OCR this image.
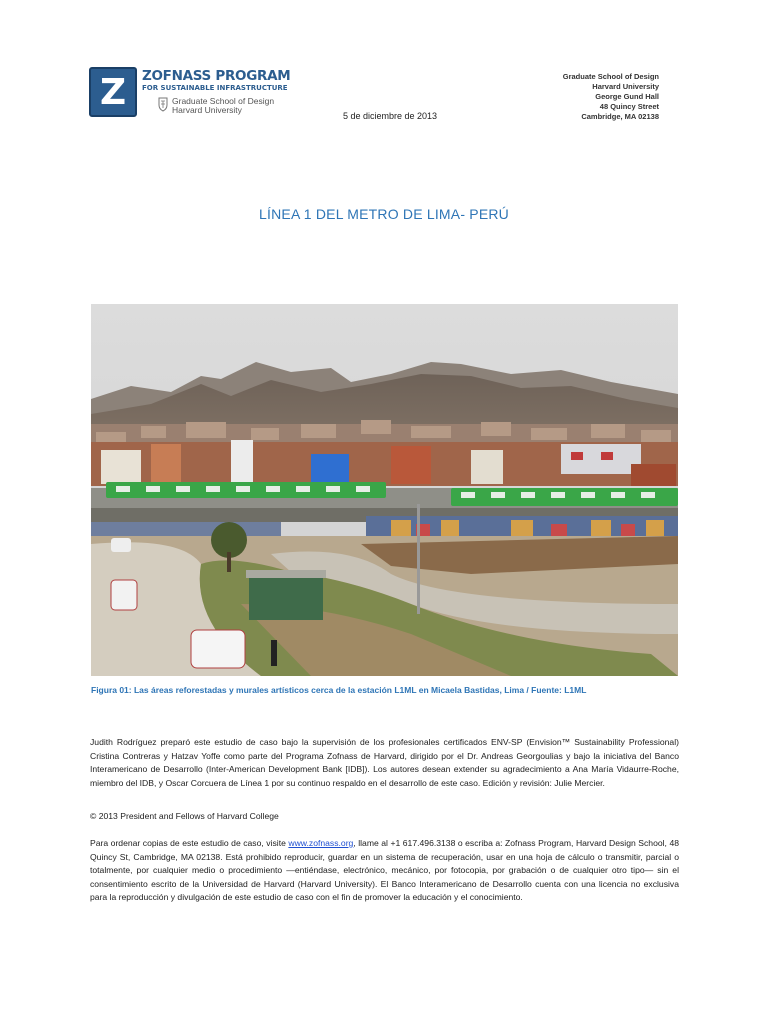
Z	ZOFNASS PROGRAM
FOR SUSTAINABLE INFRASTRUCTURE
Graduate School of Design
Harvard University
5 de diciembre de 2013
Graduate School of Design
Harvard University
George Gund Hall
48 Quincy Street
Cambridge, MA 02138
LÍNEA 1 DEL METRO DE LIMA- PERÚ
Figura 01: Las áreas reforestadas y murales artísticos cerca de la estación L1ML en Micaela Bastidas, Lima / Fuente: L1ML
Judith Rodríguez preparó este estudio de caso bajo la supervisión de los profesionales certificados ENV-SP (Envision™ Sustainability Professional) Cristina Contreras y Hatzav Yoffe como parte del Programa Zofnass de Harvard, dirigido por el Dr. Andreas Georgoulias y bajo la iniciativa del Banco Interamericano de Desarrollo (Inter-American Development Bank [IDB]). Los autores desean extender su agradecimiento a Ana María Vidaurre-Roche, miembro del IDB, y Oscar Corcuera de Línea 1 por su continuo respaldo en el desarrollo de este caso. Edición y revisión: Julie Mercier.
© 2013 President and Fellows of Harvard College
Para ordenar copias de este estudio de caso, visite www.zofnass.org, llame al +1 617.496.3138 o escriba a: Zofnass Program, Harvard Design School, 48 Quincy St, Cambridge, MA 02138. Está prohibido reproducir, guardar en un sistema de recuperación, usar en una hoja de cálculo o transmitir, parcial o totalmente, por cualquier medio o procedimiento —entiéndase, electrónico, mecánico, por fotocopia, por grabación o de cualquier otro tipo— sin el consentimiento escrito de la Universidad de Harvard (Harvard University). El Banco Interamericano de Desarrollo cuenta con una licencia no exclusiva para la reproducción y divulgación de este estudio de caso con el fin de promover la educación y el conocimiento.
